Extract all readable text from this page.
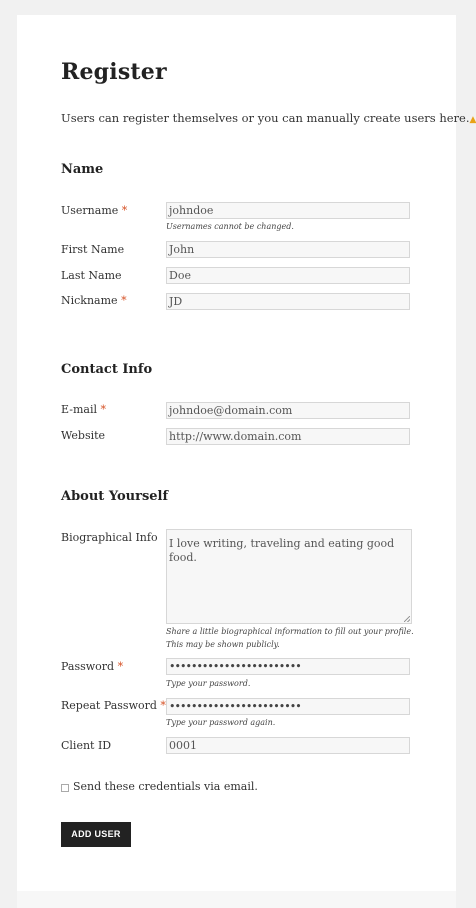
Register
Users can register themselves or you can manually create users here.▲
Name
Username *	johndoe
Usernames cannot be changed.
First Name	John
Last Name	Doe
Nickname *	JD
Contact Info
E-mail *	johndoe@domain.com
Website	http://www.domain.com
About Yourself
Biographical Info I love writing, traveling and eating good food.
Share a little biographical information to fill out your profile.
This may be shown publicly.
Password *	••••••••••••••••••••••••
Type your password.
Repeat Password * ••••••••••••••••••••••••
Type your password again.
Client ID	0001
Send these credentials via email.
ADD USER
